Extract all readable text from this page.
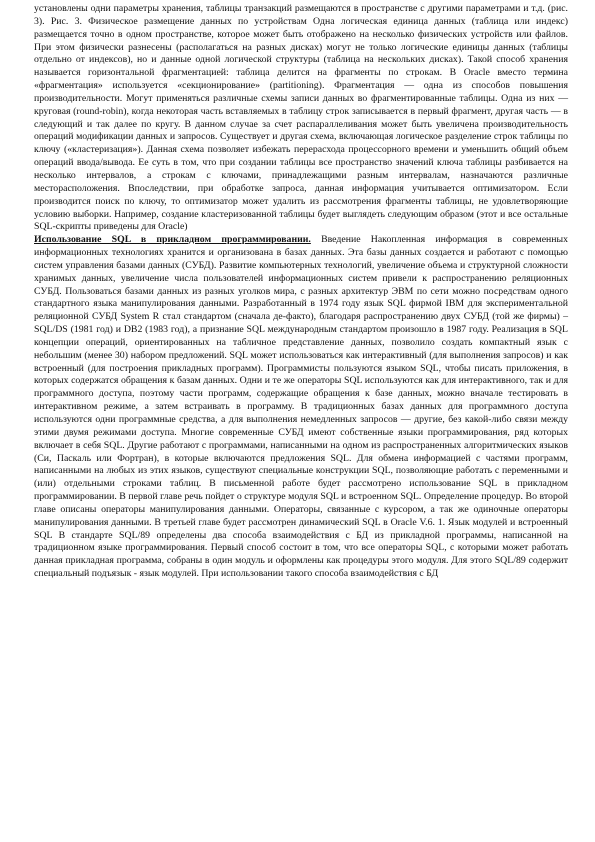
установлены одни параметры хранения, таблицы транзакций размещаются в пространстве с другими параметрами и т.д. (рис. 3). Рис. 3. Физическое размещение данных по устройствам Одна логическая единица данных (таблица или индекс) размещается точно в одном пространстве, которое может быть отображено на несколько физических устройств или файлов. При этом физически разнесены (располагаться на разных дисках) могут не только логические единицы данных (таблицы отдельно от индексов), но и данные одной логической структуры (таблица на нескольких дисках). Такой способ хранения называется горизонтальной фрагментацией: таблица делится на фрагменты по строкам. В Oracle вместо термина «фрагментация» используется «секционирование» (partitioning). Фрагментация — одна из способов повышения производительности. Могут применяться различные схемы записи данных во фрагментированные таблицы. Одна из них — круговая (round-robin), когда некоторая часть вставляемых в таблицу строк записывается в первый фрагмент, другая часть — в следующий и так далее по кругу. В данном случае за счет распараллеливания может быть увеличена производительность операций модификации данных и запросов. Существует и другая схема, включающая логическое разделение строк таблицы по ключу («кластеризация»). Данная схема позволяет избежать перерасхода процессорного времени и уменьшить общий объем операций ввода/вывода. Ее суть в том, что при создании таблицы все пространство значений ключа таблицы разбивается на несколько интервалов, а строкам с ключами, принадлежащими разным интервалам, назначаются различные месторасположения. Впоследствии, при обработке запроса, данная информация учитывается оптимизатором. Если производится поиск по ключу, то оптимизатор может удалить из рассмотрения фрагменты таблицы, не удовлетворяющие условию выборки. Например, создание кластеризованной таблицы будет выглядеть следующим образом (этот и все остальные SQL-скрипты приведены для Oracle)

Использование SQL в прикладном программировании. Введение Накопленная информация в современных информационных технологиях хранится и организована в базах данных. Эта базы данных создается и работают с помощью систем управления базами данных (СУБД). Развитие компьютерных технологий, увеличение объема и структурной сложности хранимых данных, увеличение числа пользователей информационных систем привели к распространению реляционных СУБД. Пользоваться базами данных из разных уголков мира, с разных архитектур ЭВМ по сети можно посредствам одного стандартного языка манипулирования данными. Разработанный в 1974 году язык SQL фирмой IBM для экспериментальной реляционной СУБД System R стал стандартом (сначала де-факто), благодаря распространению двух СУБД (той же фирмы) – SQL/DS (1981 год) и DB2 (1983 год), а признание SQL международным стандартом произошло в 1987 году. Реализация в SQL концепции операций, ориентированных на табличное представление данных, позволило создать компактный язык с небольшим (менее 30) набором предложений. SQL может использоваться как интерактивный (для выполнения запросов) и как встроенный (для построения прикладных программ). Программисты пользуются языком SQL, чтобы писать приложения, в которых содержатся обращения к базам данных. Одни и те же операторы SQL используются как для интерактивного, так и для программного доступа, поэтому части программ, содержащие обращения к базе данных, можно вначале тестировать в интерактивном режиме, а затем встраивать в программу. В традиционных базах данных для программного доступа используются одни программные средства, а для выполнения немедленных запросов — другие, без какой-либо связи между этими двумя режимами доступа. Многие современные СУБД имеют собственные языки программирования, ряд которых включает в себя SQL. Другие работают с программами, написанными на одном из распространенных алгоритмических языков (Си, Паскаль или Фортран), в которые включаются предложения SQL. Для обмена информацией с частями программ, написанными на любых из этих языков, существуют специальные конструкции SQL, позволяющие работать с переменными и (или) отдельными строками таблиц. В письменной работе будет рассмотрено использование SQL в прикладном программировании. В первой главе речь пойдет о структуре модуля SQL и встроенном SQL. Определение процедур. Во второй главе описаны операторы манипулирования данными. Операторы, связанные с курсором, а так же одиночные операторы манипулирования данными. В третьей главе будет рассмотрен динамический SQL в Oracle V.6. 1. Язык модулей и встроенный SQL В стандарте SQL/89 определены два способа взаимодействия с БД из прикладной программы, написанной на традиционном языке программирования. Первый способ состоит в том, что все операторы SQL, с которыми может работать данная прикладная программа, собраны в один модуль и оформлены как процедуры этого модуля. Для этого SQL/89 содержит специальный подъязык - язык модулей. При использовании такого способа взаимодействия с БД
